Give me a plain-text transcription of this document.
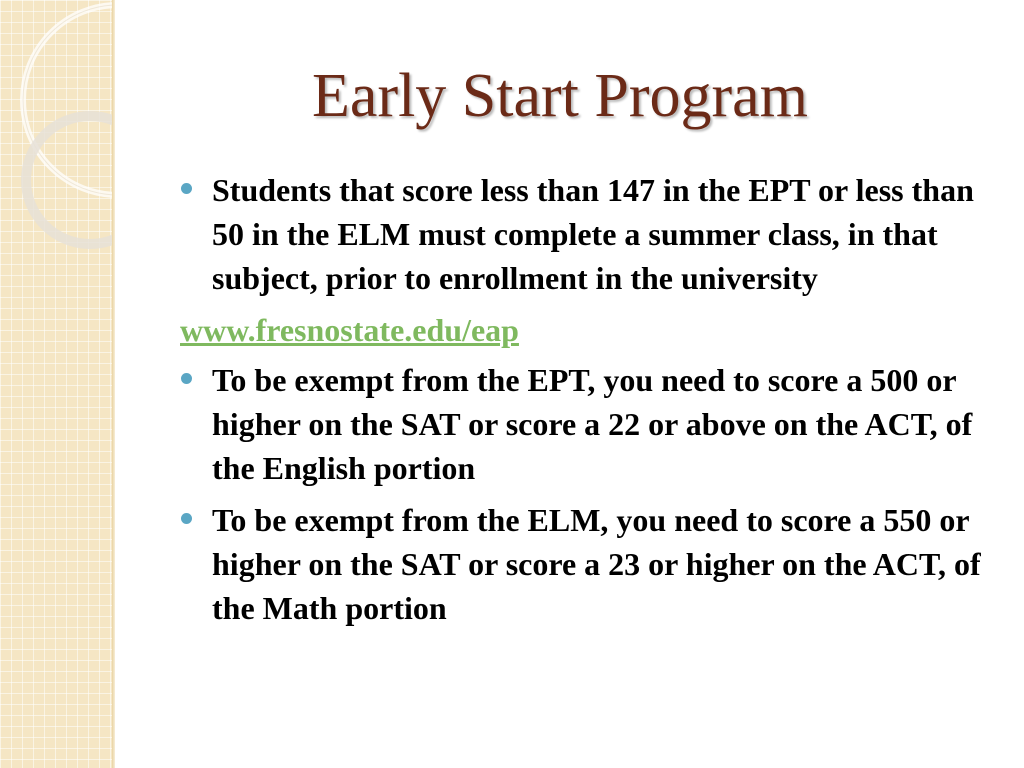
Early Start Program
Students that score less than 147 in the EPT or less than 50 in the ELM must complete a summer class, in that subject, prior to enrollment in the university
www.fresnostate.edu/eap
To be exempt from the EPT, you need to score a 500 or higher on the SAT or score a 22 or above on the ACT, of the English portion
To be exempt from the ELM, you need to score a 550 or higher on the SAT or score a 23 or higher on the ACT, of the Math portion
